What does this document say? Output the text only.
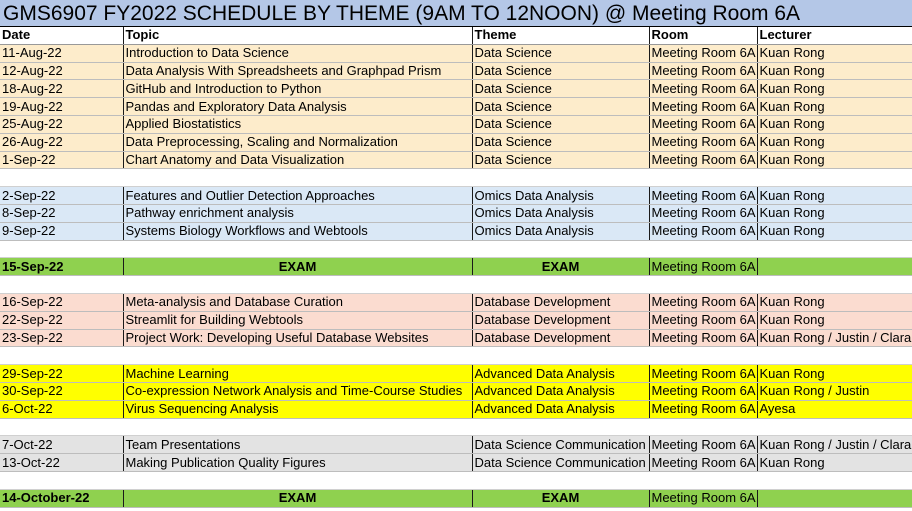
GMS6907 FY2022 SCHEDULE BY THEME (9AM TO 12NOON) @ Meeting Room 6A
Date	Topic	Theme	Room	Lecturer
11-Aug-22	Introduction to Data Science	Data Science	Meeting Room 6A	Kuan Rong
12-Aug-22	Data Analysis With Spreadsheets and Graphpad Prism	Data Science	Meeting Room 6A	Kuan Rong
18-Aug-22	GitHub and Introduction to Python	Data Science	Meeting Room 6A	Kuan Rong
19-Aug-22	Pandas and Exploratory Data Analysis	Data Science	Meeting Room 6A	Kuan Rong
25-Aug-22	Applied Biostatistics	Data Science	Meeting Room 6A	Kuan Rong
26-Aug-22	Data Preprocessing, Scaling and Normalization	Data Science	Meeting Room 6A	Kuan Rong
1-Sep-22	Chart Anatomy and Data Visualization	Data Science	Meeting Room 6A	Kuan Rong

2-Sep-22	Features and Outlier Detection Approaches	Omics Data Analysis	Meeting Room 6A	Kuan Rong
8-Sep-22	Pathway enrichment analysis	Omics Data Analysis	Meeting Room 6A	Kuan Rong
9-Sep-22	Systems Biology Workflows and Webtools	Omics Data Analysis	Meeting Room 6A	Kuan Rong

15-Sep-22	EXAM	EXAM	Meeting Room 6A	

16-Sep-22	Meta-analysis and Database Curation	Database Development	Meeting Room 6A	Kuan Rong
22-Sep-22	Streamlit for Building Webtools	Database Development	Meeting Room 6A	Kuan Rong
23-Sep-22	Project Work: Developing Useful Database Websites	Database Development	Meeting Room 6A	Kuan Rong / Justin / Clara

29-Sep-22	Machine Learning	Advanced Data Analysis	Meeting Room 6A	Kuan Rong
30-Sep-22	Co-expression Network Analysis and Time-Course Studies	Advanced Data Analysis	Meeting Room 6A	Kuan Rong / Justin
6-Oct-22	Virus Sequencing Analysis	Advanced Data Analysis	Meeting Room 6A	Ayesa

7-Oct-22	Team Presentations	Data Science Communication	Meeting Room 6A	Kuan Rong / Justin / Clara
13-Oct-22	Making Publication Quality Figures	Data Science Communication	Meeting Room 6A	Kuan Rong

14-October-22	EXAM	EXAM	Meeting Room 6A	
